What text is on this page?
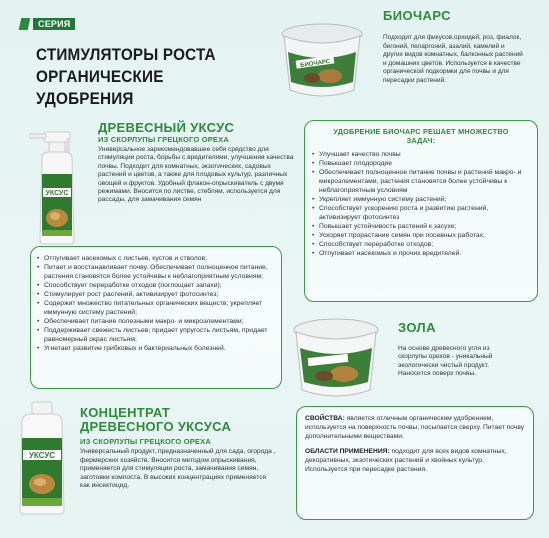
СЕРИЯ
СТИМУЛЯТОРЫ РОСТА
ОРГАНИЧЕСКИЕ УДОБРЕНИЯ
УКСУС
ДРЕВЕСНЫЙ УКСУС
ИЗ СКОРЛУПЫ ГРЕЦКОГО ОРЕХА
Универсальное зарекомендовавшее себя средство для стимуляции роста, борьбы с вредителями, улучшения качества почвы. Подходит для комнатных, экзотических, садовых растений и цветов, а также для плодовых культур, различных овощей и фруктов. Удобный флакон-опрыскиватель с двумя режимами. Вносится по листве, стеблям, используется для рассады, для замачивания семян
• Отпугивает насекомых с листьев, кустов и стволов;
• Питает и восстанавливает почву. Обеспечивает полноценное питание, растения становятся более устойчивы к неблагоприятным условиям;
• Способствует переработке отходов (поглощает запахи);
• Стимулирует рост растений, активизирует фотосинтез;
• Содержит множество питательных органических веществ; укрепляет иммунную систему растений;
• Обеспечивает питание полезными макро- и микроэлементами;
• Поддерживает свежесть листьев; придает упругость листьям, придает равномерный окрас листьям;
• Угнетает развитие грибковых и бактериальных болезней.
УКСУС
КОНЦЕНТРАТ
ДРЕВЕСНОГО УКСУСА
ИЗ СКОРЛУПЫ ГРЕЦКОГО ОРЕХА
Универсальный продукт, предназначенный для сада, огорода , фермерских хозяйств. Вносится методом опрыскивания, применяется для стимуляции роста, замачивания семян, заготовки компоста. В высоких концентрациях применяется как инсектицид.
БИОЧАРС
БИОЧАРС
Подходит для фикусов,орхидей, роз, фиалок, бегоний, пеларгоний, азалий, камелий и других видов комнатных, балконных растений и домашних цветов. Используется в качестве органической подкормки для почвы и для пересадки растений.
УДОБРЕНИЕ БИОЧАРС РЕШАЕТ МНОЖЕСТВО ЗАДАЧ:
• Улучшает качество почвы
• Повышает плодородие
• Обеспечивает полноценное питание почвы и растений макро- и микроэлементами, растения становятся более устойчивы к неблагоприятным условиям
• Укрепляет иммунную систему растений;
• Способствует ускорению роста и развитию растений, активизирует фотосинтез
• Повышает устойчивость растений к засухе;
• Ускоряет прорастание семян при посевных работах;
• Способствует переработке отходов;
• Отпугивает насекомых и прочих вредителей.
ЗОЛА
На основе древесного угля из скорлупы орехов - уникальный экологически чистый продукт. Наносится поверх почвы.
СВОЙСТВА: является отличным органическим удобрением, используется на поверхность почвы, посыпается сверху. Питает почву дополнительными веществами.
ОБЛАСТИ ПРИМЕНЕНИЯ: подходит для всех видов комнатных, декоративных, экзотических растений и хвойных культур. Используется при пересадке растения.
